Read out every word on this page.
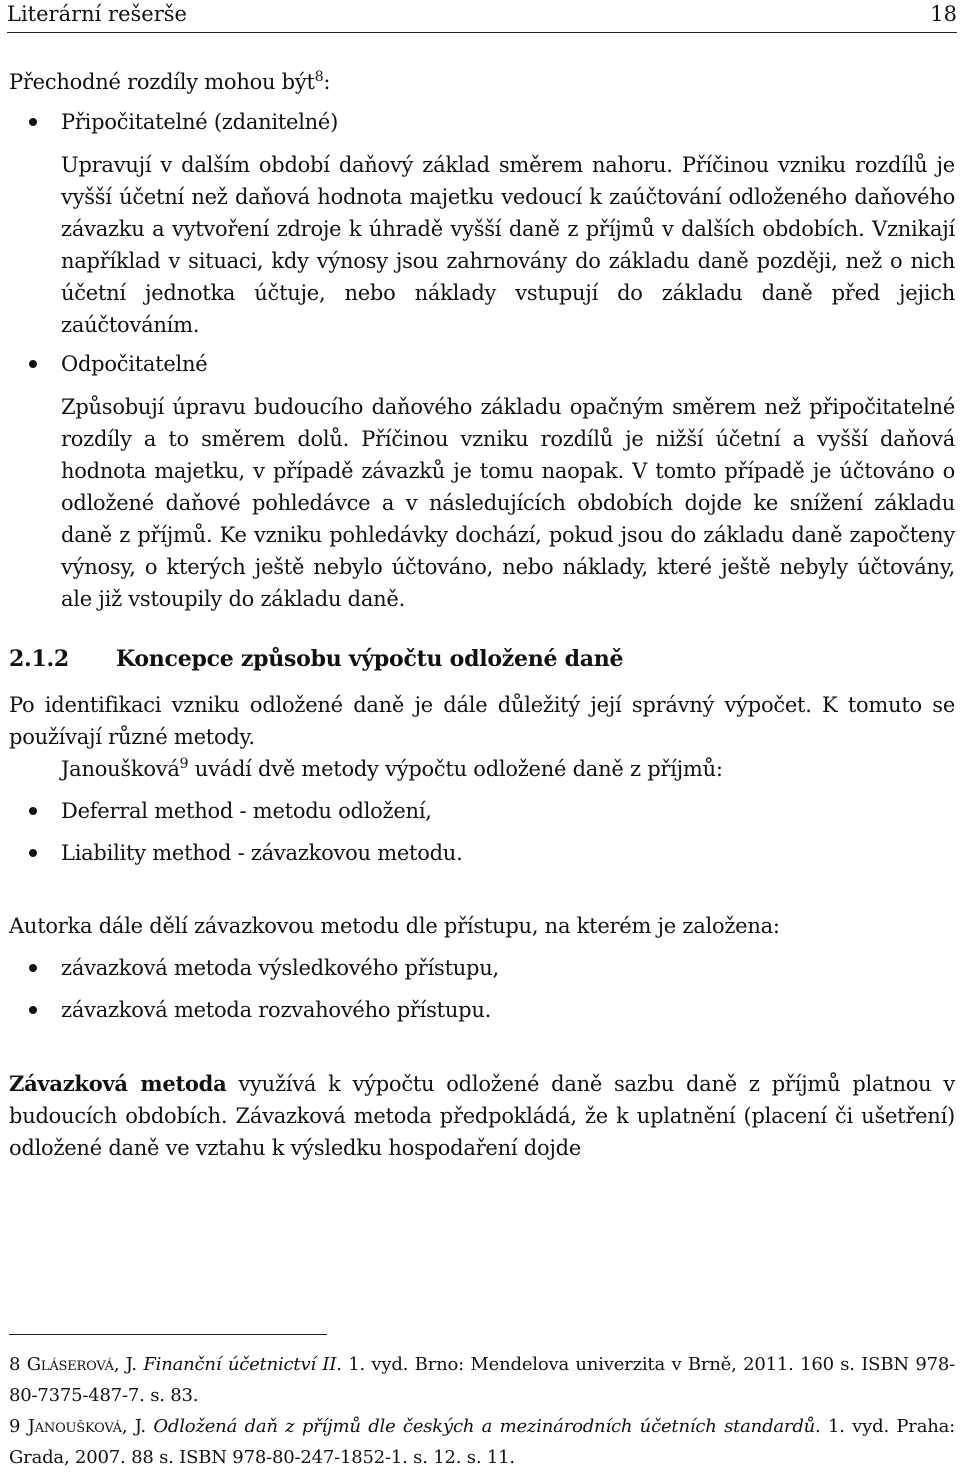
Literární rešerše	18

Přechodné rozdíly mohou být$^8$:

Připočitatelné (zdanitelné)

Upravují v dalším období daňový základ směrem nahoru. Příčinou vzniku rozdílů je vyšší účetní než daňová hodnota majetku vedoucí k zaúčtování odloženého daňového závazku a vytvoření zdroje k úhradě vyšší daně z příjmů v dalších obdobích. Vznikají například v situaci, kdy výnosy jsou zahrnovány do základu daně později, než o nich účetní jednotka účtuje, nebo náklady vstupují do základu daně před jejich zaúčtováním.

Odpočitatelné

Způsobují úpravu budoucího daňového základu opačným směrem než připočitatelné rozdíly a to směrem dolů. Příčinou vzniku rozdílů je nižší účetní a vyšší daňová hodnota majetku, v případě závazků je tomu naopak. V tomto případě je účtováno o odložené daňové pohledávce a v následujících obdobích dojde ke snížení základu daně z příjmů. Ke vzniku pohledávky dochází, pokud jsou do základu daně započteny výnosy, o kterých ještě nebylo účtováno, nebo náklady, které ještě nebyly účtovány, ale již vstoupily do základu daně.

2.1.2 Koncepce způsobu výpočtu odložené daně

Po identifikaci vzniku odložené daně je dále důležitý její správný výpočet. K tomuto se používají různé metody.

Janoušková$^9$ uvádí dvě metody výpočtu odložené daně z příjmů:

Deferral method - metodu odložení,
Liability method - závazkovou metodu.

Autorka dále dělí závazkovou metodu dle přístupu, na kterém je založena:

závazková metoda výsledkového přístupu,
závazková metoda rozvahového přístupu.

Závazková metoda využívá k výpočtu odložené daně sazbu daně z příjmů platnou v budoucích obdobích. Závazková metoda předpokládá, že k uplatnění (placení či ušetření) odložené daně ve vztahu k výsledku hospodaření dojde

8 Gláserová, J. Finanční účetnictví II. 1. vyd. Brno: Mendelova univerzita v Brně, 2011. 160 s. ISBN 978-80-7375-487-7. s. 83.

9 Janoušková, J. Odložená daň z příjmů dle českých a mezinárodních účetních standardů. 1. vyd. Praha: Grada, 2007. 88 s. ISBN 978-80-247-1852-1. s. 12. s. 11.
